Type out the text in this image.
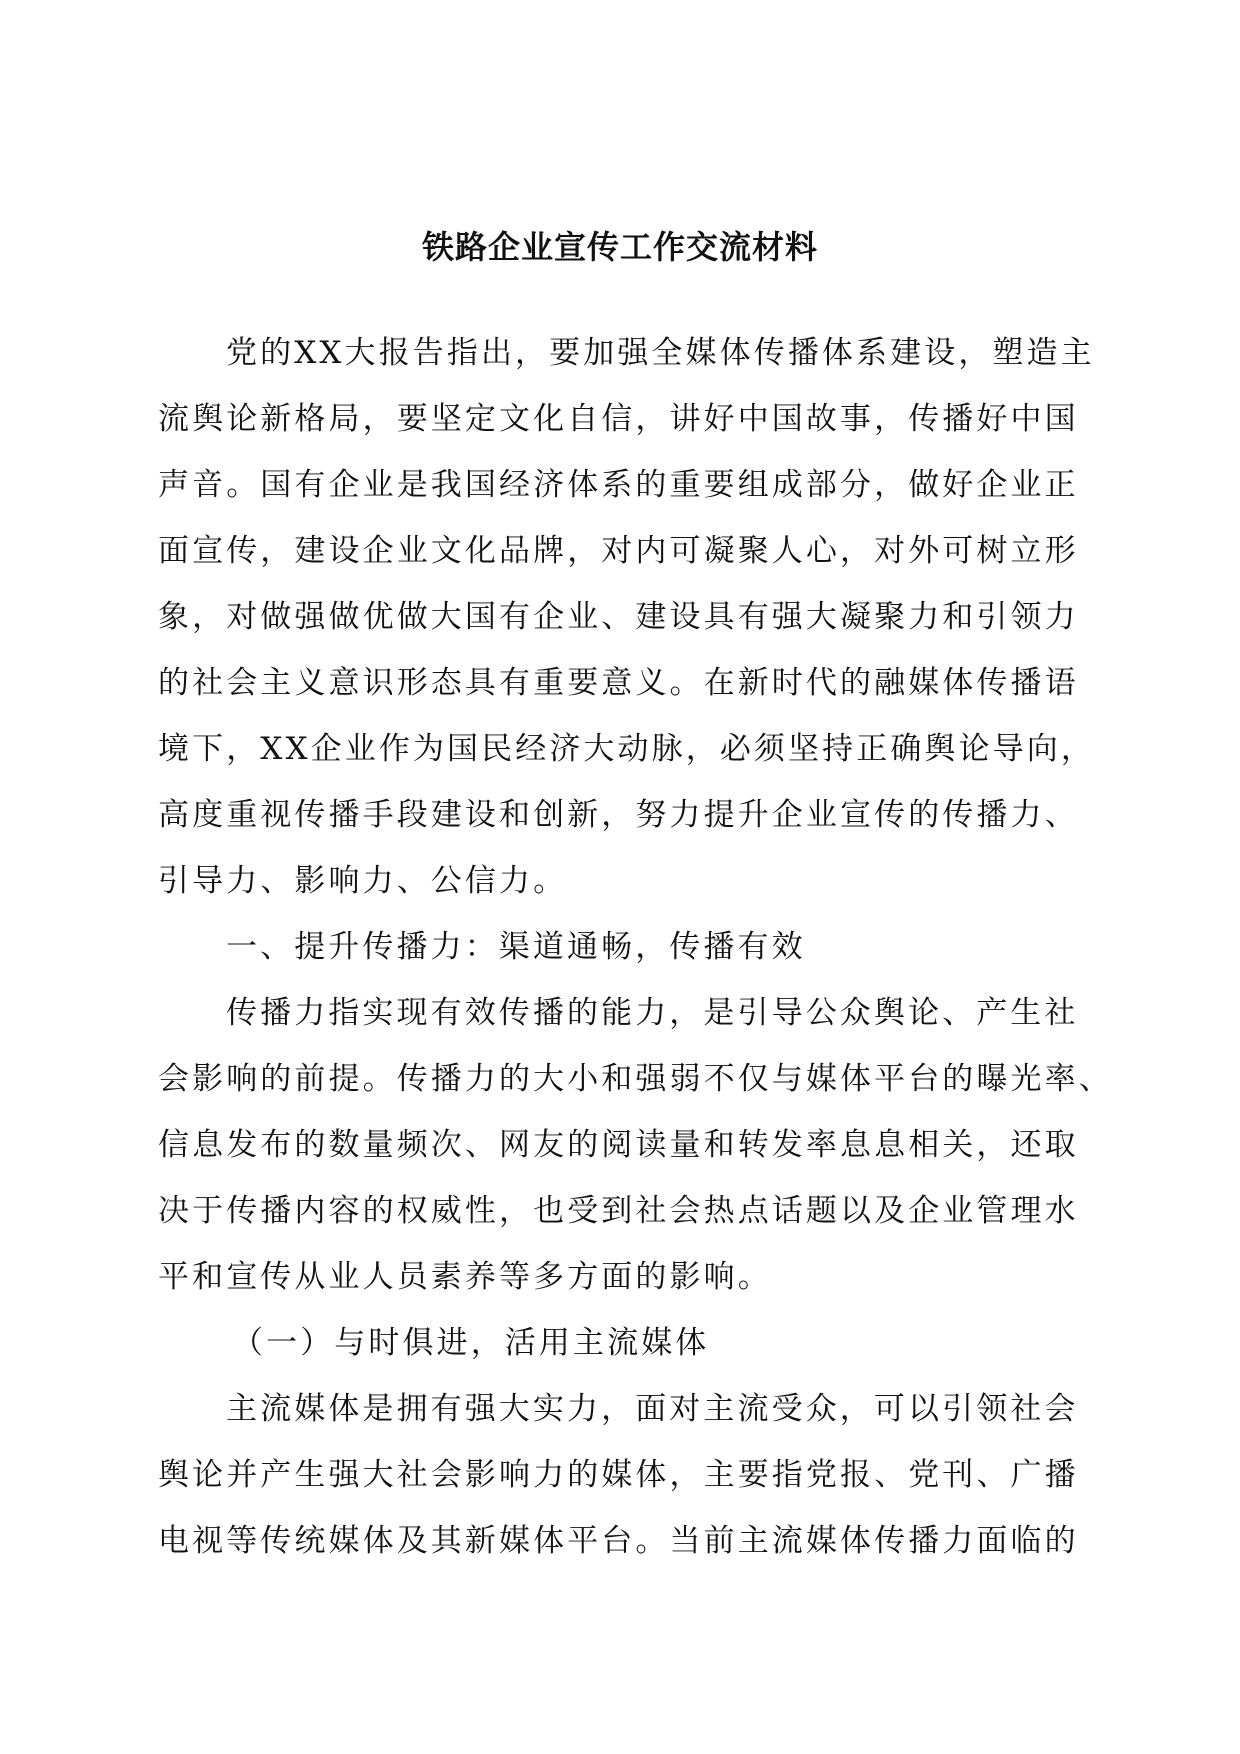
铁路企业宣传工作交流材料
党的XX大报告指出，要加强全媒体传播体系建设，塑造主
流舆论新格局，要坚定文化自信，讲好中国故事，传播好中国
声音。国有企业是我国经济体系的重要组成部分，做好企业正
面宣传，建设企业文化品牌，对内可凝聚人心，对外可树立形
象，对做强做优做大国有企业、建设具有强大凝聚力和引领力
的社会主义意识形态具有重要意义。在新时代的融媒体传播语
境下，XX企业作为国民经济大动脉，必须坚持正确舆论导向，
高度重视传播手段建设和创新，努力提升企业宣传的传播力、
引导力、影响力、公信力。
一、提升传播力：渠道通畅，传播有效
传播力指实现有效传播的能力，是引导公众舆论、产生社
会影响的前提。传播力的大小和强弱不仅与媒体平台的曝光率、
信息发布的数量频次、网友的阅读量和转发率息息相关，还取
决于传播内容的权威性，也受到社会热点话题以及企业管理水
平和宣传从业人员素养等多方面的影响。
（一）与时俱进，活用主流媒体
主流媒体是拥有强大实力，面对主流受众，可以引领社会
舆论并产生强大社会影响力的媒体，主要指党报、党刊、广播
电视等传统媒体及其新媒体平台。当前主流媒体传播力面临的
